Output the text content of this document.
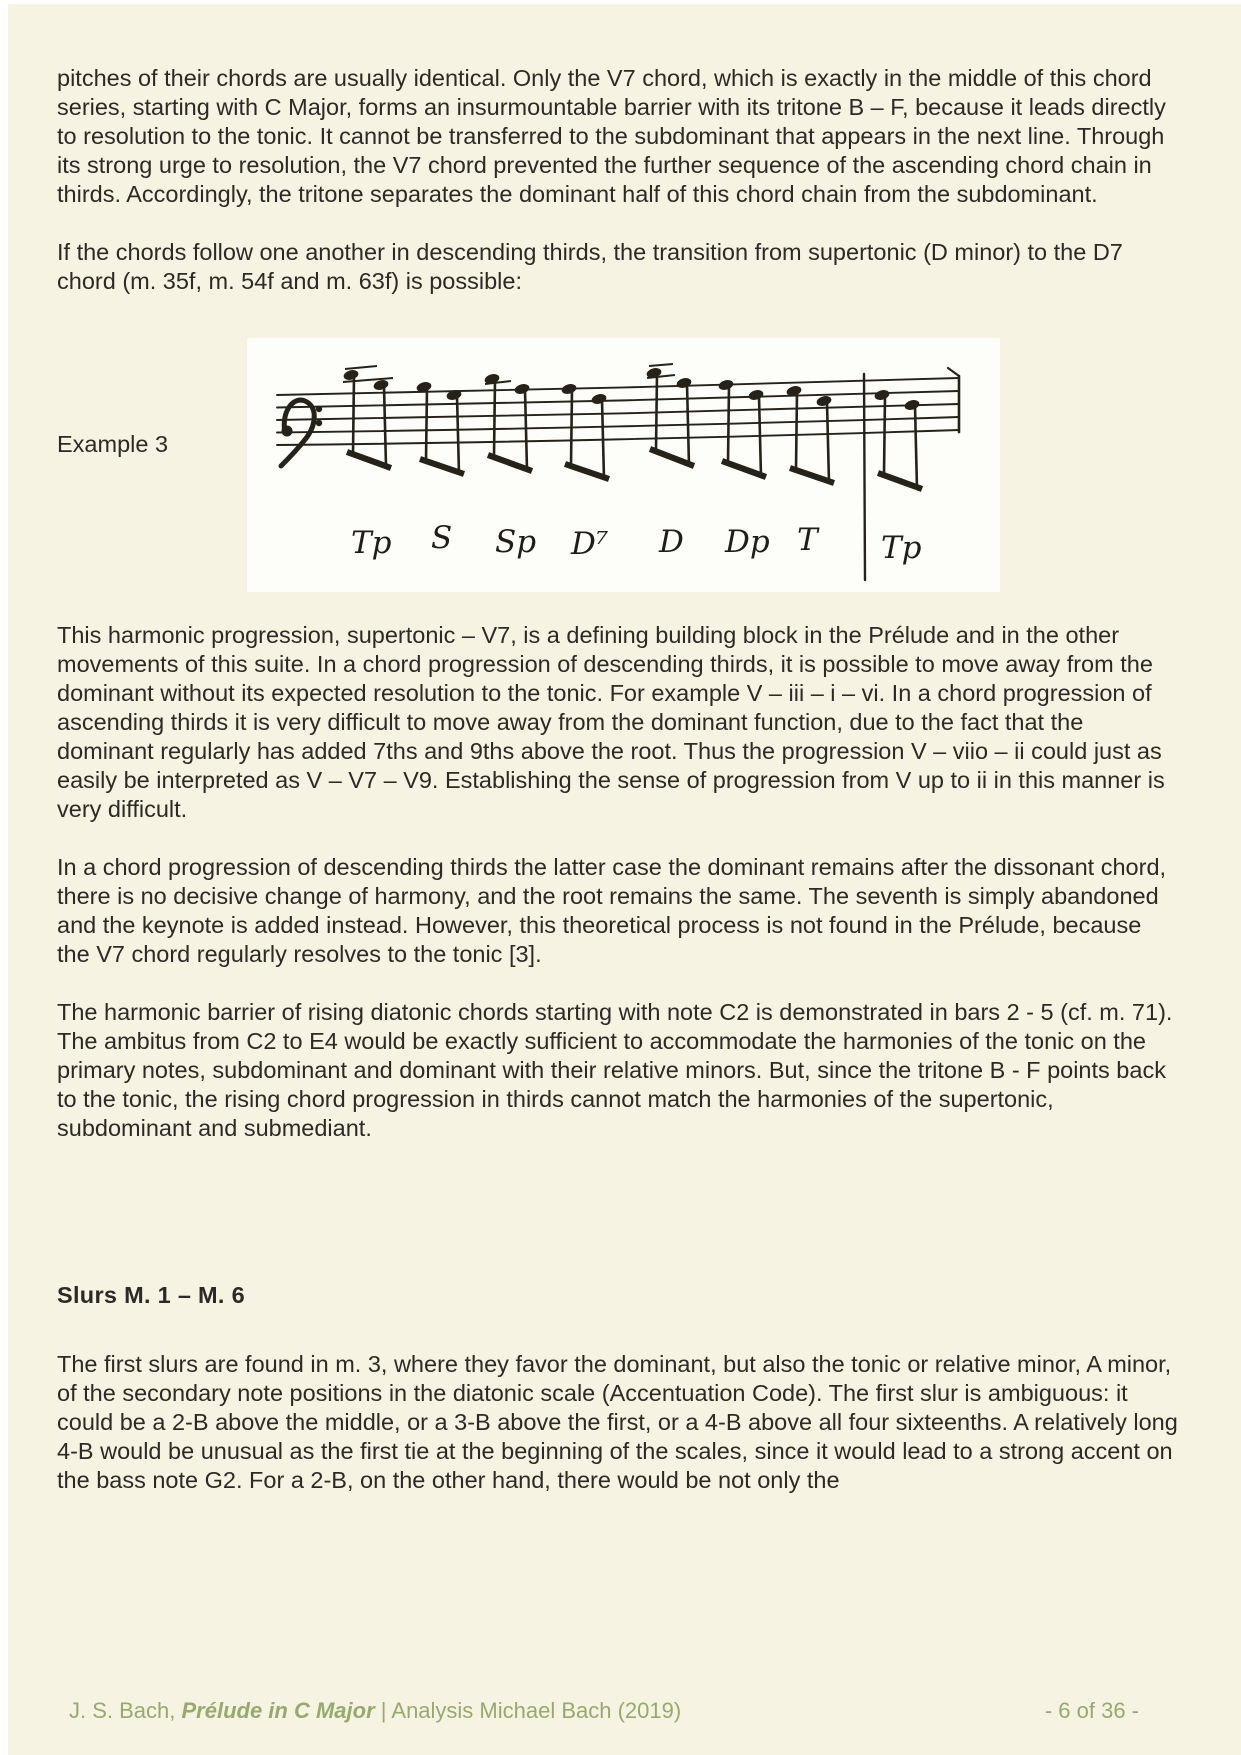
pitches of their chords are usually identical. Only the V7 chord, which is exactly in the middle of this chord series, starting with C Major, forms an insurmountable barrier with its tritone B – F, because it leads directly to resolution to the tonic. It cannot be transferred to the subdominant that appears in the next line. Through its strong urge to resolution, the V7 chord prevented the further sequence of the ascending chord chain in thirds. Accordingly, the tritone separates the dominant half of this chord chain from the subdominant.

If the chords follow one another in descending thirds, the transition from supertonic (D minor) to the D7 chord (m. 35f, m. 54f and m. 63f) is possible:

Example 3
Tp S Sp D⁷ D Dp T Tp

This harmonic progression, supertonic – V7, is a defining building block in the Prélude and in the other movements of this suite. In a chord progression of descending thirds, it is possible to move away from the dominant without its expected resolution to the tonic. For example V – iii – i – vi. In a chord progression of ascending thirds it is very difficult to move away from the dominant function, due to the fact that the dominant regularly has added 7ths and 9ths above the root. Thus the progression V – viio – ii could just as easily be interpreted as V – V7 – V9. Establishing the sense of progression from V up to ii in this manner is very difficult.

In a chord progression of descending thirds the latter case the dominant remains after the dissonant chord, there is no decisive change of harmony, and the root remains the same. The seventh is simply abandoned and the keynote is added instead. However, this theoretical process is not found in the Prélude, because the V7 chord regularly resolves to the tonic [3].

The harmonic barrier of rising diatonic chords starting with note C2 is demonstrated in bars 2 - 5 (cf. m. 71). The ambitus from C2 to E4 would be exactly sufficient to accommodate the harmonies of the tonic on the primary notes, subdominant and dominant with their relative minors. But, since the tritone B - F points back to the tonic, the rising chord progression in thirds cannot match the harmonies of the supertonic, subdominant and submediant.

Slurs M. 1 – M. 6

The first slurs are found in m. 3, where they favor the dominant, but also the tonic or relative minor, A minor, of the secondary note positions in the diatonic scale (Accentuation Code). The first slur is ambiguous: it could be a 2-B above the middle, or a 3-B above the first, or a 4-B above all four sixteenths. A relatively long 4-B would be unusual as the first tie at the beginning of the scales, since it would lead to a strong accent on the bass note G2. For a 2-B, on the other hand, there would be not only the

J. S. Bach, Prélude in C Major | Analysis Michael Bach (2019)	- 6 of 36 -
